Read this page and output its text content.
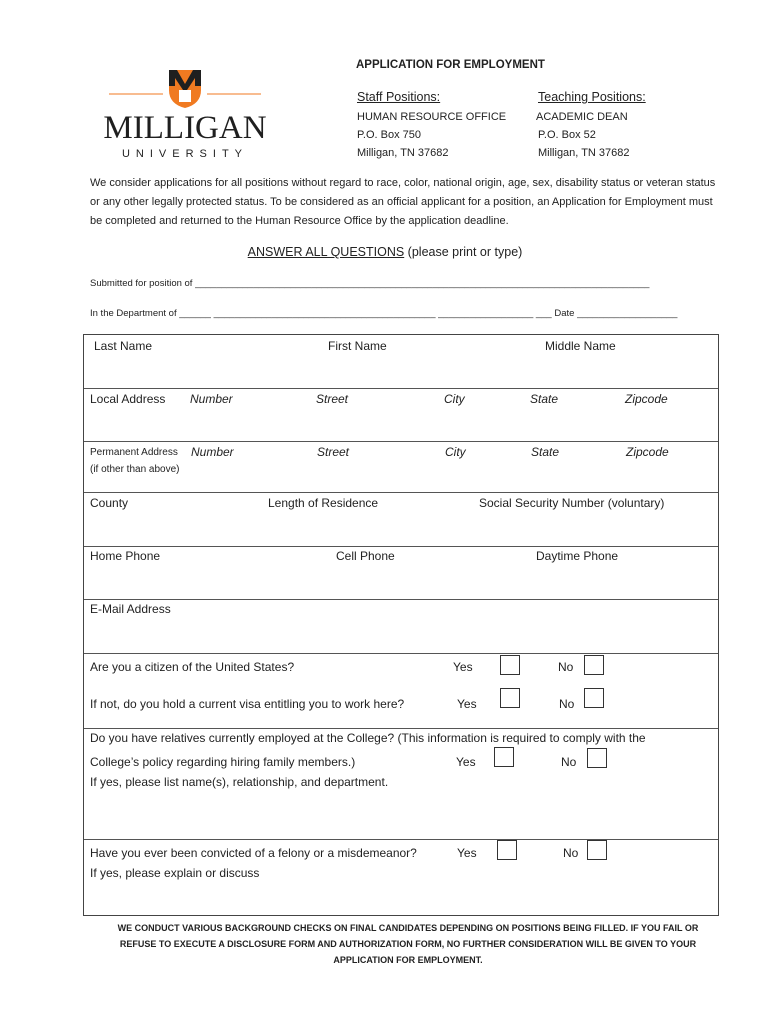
MILLIGAN
UNIVERSITY
APPLICATION FOR EMPLOYMENT
Staff Positions:
HUMAN RESOURCE OFFICE
P.O. Box 750
Milligan, TN 37682
Teaching Positions:
ACADEMIC DEAN
P.O. Box 52
Milligan, TN 37682
We consider applications for all positions without regard to race, color, national origin, age, sex, disability status or veteran status or any other legally protected status. To be considered as an official applicant for a position, an Application for Employment must be completed and returned to the Human Resource Office by the application deadline.
ANSWER ALL QUESTIONS (please print or type)
Submitted for position of ______________________________________________________________________________________
In the Department of ______ __________________________________________ __________________ ___ Date ___________________
Last Name	First Name	Middle Name
Local Address Number	Street	City	State	Zipcode
Permanent Address
(if other than above)
Number	Street	City	State	Zipcode
County	Length of Residence	Social Security Number (voluntary)
Home Phone	Cell Phone	Daytime Phone
E-Mail Address
Are you a citizen of the United States?	Yes	No
If not, do you hold a current visa entitling you to work here?	Yes	No
Do you have relatives currently employed at the College? (This information is required to comply with the
College’s policy regarding hiring family members.)
If yes, please list name(s), relationship, and department.
Yes	No
Have you ever been convicted of a felony or a misdemeanor?
If yes, please explain or discuss
Yes	No
WE CONDUCT VARIOUS BACKGROUND CHECKS ON FINAL CANDIDATES DEPENDING ON POSITIONS BEING FILLED. IF YOU FAIL OR
REFUSE TO EXECUTE A DISCLOSURE FORM AND AUTHORIZATION FORM, NO FURTHER CONSIDERATION WILL BE GIVEN TO YOUR
APPLICATION FOR EMPLOYMENT.
